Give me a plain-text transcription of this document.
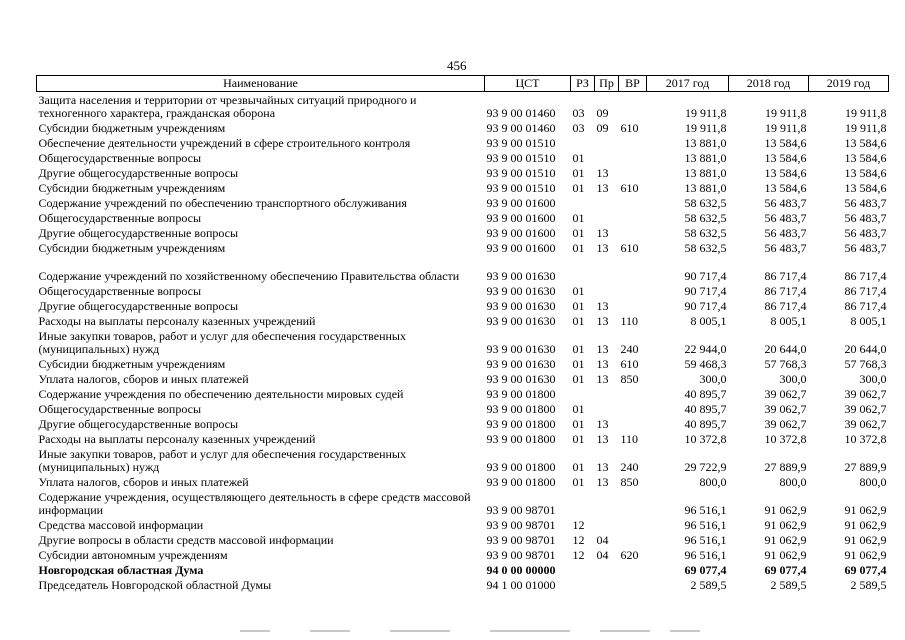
456
Наименование	ЦСТ	РЗ	Пр	ВР	2017 год	2018 год	2019 год
Защита населения и территории от чрезвычайных ситуаций природного и техногенного характера, гражданская оборона	93 9 00 01460	03	09		19 911,8	19 911,8	19 911,8
Субсидии бюджетным учреждениям	93 9 00 01460	03	09	610	19 911,8	19 911,8	19 911,8
Обеспечение деятельности учреждений в сфере строительного контроля	93 9 00 01510				13 881,0	13 584,6	13 584,6
Общегосударственные вопросы	93 9 00 01510	01			13 881,0	13 584,6	13 584,6
Другие общегосударственные вопросы	93 9 00 01510	01	13		13 881,0	13 584,6	13 584,6
Субсидии бюджетным учреждениям	93 9 00 01510	01	13	610	13 881,0	13 584,6	13 584,6
Содержание учреждений по обеспечению транспортного обслуживания	93 9 00 01600				58 632,5	56 483,7	56 483,7
Общегосударственные вопросы	93 9 00 01600	01			58 632,5	56 483,7	56 483,7
Другие общегосударственные вопросы	93 9 00 01600	01	13		58 632,5	56 483,7	56 483,7
Субсидии бюджетным учреждениям	93 9 00 01600	01	13	610	58 632,5	56 483,7	56 483,7
Содержание учреждений по хозяйственному обеспечению Правительства области	93 9 00 01630				90 717,4	86 717,4	86 717,4
Общегосударственные вопросы	93 9 00 01630	01			90 717,4	86 717,4	86 717,4
Другие общегосударственные вопросы	93 9 00 01630	01	13		90 717,4	86 717,4	86 717,4
Расходы на выплаты персоналу казенных учреждений	93 9 00 01630	01	13	110	8 005,1	8 005,1	8 005,1
Иные закупки товаров, работ и услуг для обеспечения государственных (муниципальных) нужд	93 9 00 01630	01	13	240	22 944,0	20 644,0	20 644,0
Субсидии бюджетным учреждениям	93 9 00 01630	01	13	610	59 468,3	57 768,3	57 768,3
Уплата налогов, сборов и иных платежей	93 9 00 01630	01	13	850	300,0	300,0	300,0
Содержание учреждения по обеспечению деятельности мировых судей	93 9 00 01800				40 895,7	39 062,7	39 062,7
Общегосударственные вопросы	93 9 00 01800	01			40 895,7	39 062,7	39 062,7
Другие общегосударственные вопросы	93 9 00 01800	01	13		40 895,7	39 062,7	39 062,7
Расходы на выплаты персоналу казенных учреждений	93 9 00 01800	01	13	110	10 372,8	10 372,8	10 372,8
Иные закупки товаров, работ и услуг для обеспечения государственных (муниципальных) нужд	93 9 00 01800	01	13	240	29 722,9	27 889,9	27 889,9
Уплата налогов, сборов и иных платежей	93 9 00 01800	01	13	850	800,0	800,0	800,0
Содержание учреждения, осуществляющего деятельность в сфере средств массовой информации	93 9 00 98701				96 516,1	91 062,9	91 062,9
Средства массовой информации	93 9 00 98701	12			96 516,1	91 062,9	91 062,9
Другие вопросы в области средств массовой информации	93 9 00 98701	12	04		96 516,1	91 062,9	91 062,9
Субсидии автономным учреждениям	93 9 00 98701	12	04	620	96 516,1	91 062,9	91 062,9
Новгородская областная Дума	94 0 00 00000				69 077,4	69 077,4	69 077,4
Председатель Новгородской областной Думы	94 1 00 01000				2 589,5	2 589,5	2 589,5
